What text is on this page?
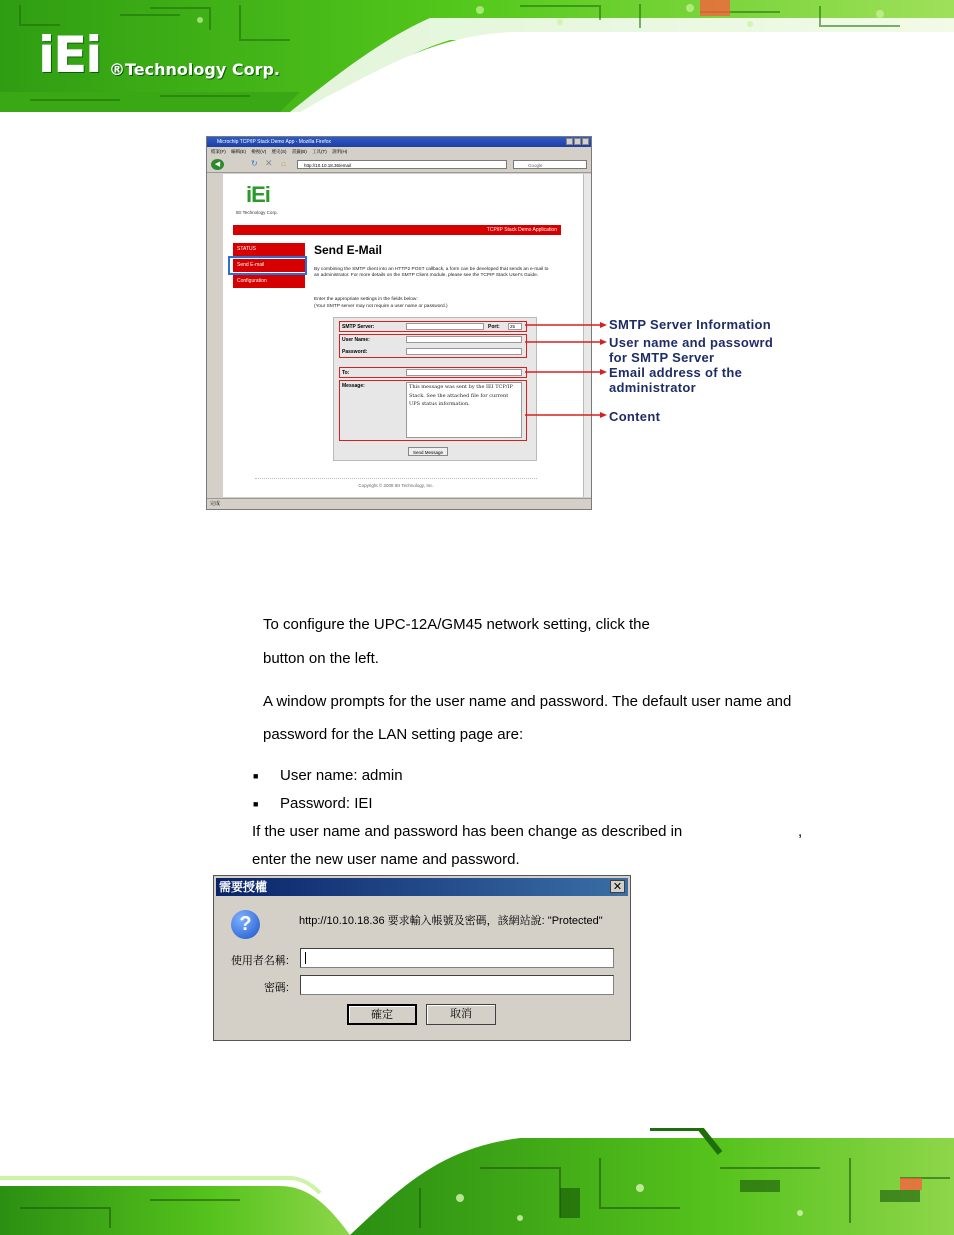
iEi ®Technology Corp.
Microchip TCP/IP Stack Demo App - Mozilla Firefox
檔案(F) 編輯(E) 檢視(V) 歷史(S) 書籤(B) 工具(T) 說明(H)
◀	↻ ✕ ⌂	http://10.10.18.36/email	Google
iEi
IEI Technology Corp.
TCP/IP Stack Demo Application
STATUS
Send E-mail
Configuration
Send E-Mail
By combining the SMTP client into an HTTP2 POST callback, a form can be developed that sends an e-mail to an administrator. For more details on the SMTP Client module, please see the TCPIP Stack User's Guide.
Enter the appropriate settings in the fields below:
(Your SMTP server may not require a user name or password.)
SMTP Server:	Port:	25
User Name:
Password:
To:
Message:	This message was sent by the IEI TCP/IP Stack. See the attached file for current UPS status information.
Send Message
Copyright © 2008 IEI Technology, Inc.
完成
SMTP Server Information
User name and passowrd
for SMTP Server
Email address of the
administrator
Content
To configure the UPC-12A/GM45 network setting, click the
button on the left.
A window prompts for the user name and password. The default user name and
password for the LAN setting page are:
■ User name: admin
■ Password: IEI
If the user name and password has been change as described in	,
enter the new user name and password.
需要授權	✕
?	http://10.10.18.36 要求輸入帳號及密碼，該網站說: "Protected"
使用者名稱:
密碼:
確定	取消
